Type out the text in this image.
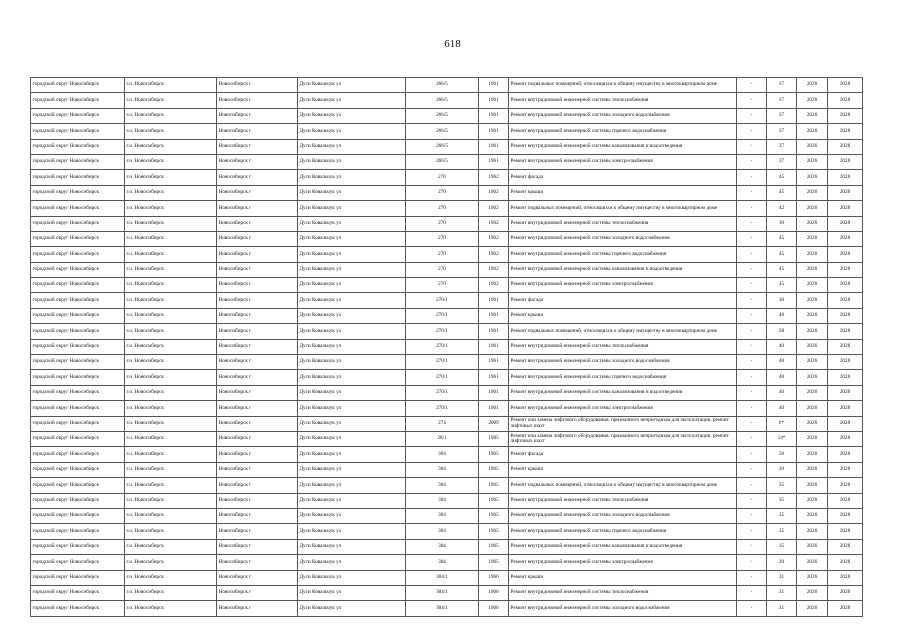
618
городской округ Новосибирск	г.о. Новосибирск	Новосибирск г	Дуси Ковальчук ул	266/5	1961	Ремонт подвальных помещений, относящихся к общему имуществу в многоквартирном доме	-	37	2026	2028
городской округ Новосибирск	г.о. Новосибирск	Новосибирск г	Дуси Ковальчук ул	266/5	1961	Ремонт внутридомовой инженерной системы теплоснабжения	-	37	2026	2028
городской округ Новосибирск	г.о. Новосибирск	Новосибирск г	Дуси Ковальчук ул	266/5	1961	Ремонт внутридомовой инженерной системы холодного водоснабжения	-	37	2026	2028
городской округ Новосибирск	г.о. Новосибирск	Новосибирск г	Дуси Ковальчук ул	266/5	1961	Ремонт внутридомовой инженерной системы горячего водоснабжения	-	37	2026	2028
городской округ Новосибирск	г.о. Новосибирск	Новосибирск г	Дуси Ковальчук ул	266/5	1961	Ремонт внутридомовой инженерной системы канализования и водоотведения	-	37	2026	2028
городской округ Новосибирск	г.о. Новосибирск	Новосибирск г	Дуси Ковальчук ул	266/5	1961	Ремонт внутридомовой инженерной системы электроснабжения	-	37	2026	2028
городской округ Новосибирск	г.о. Новосибирск	Новосибирск г	Дуси Ковальчук ул	270	1962	Ремонт фасада	-	45	2026	2028
городской округ Новосибирск	г.о. Новосибирск	Новосибирск г	Дуси Ковальчук ул	270	1962	Ремонт крыши	-	45	2026	2028
городской округ Новосибирск	г.о. Новосибирск	Новосибирск г	Дуси Ковальчук ул	270	1962	Ремонт подвальных помещений, относящихся к общему имуществу в многоквартирном доме	-	42	2026	2028
городской округ Новосибирск	г.о. Новосибирск	Новосибирск г	Дуси Ковальчук ул	270	1962	Ремонт внутридомовой инженерной системы теплоснабжения	-	30	2026	2028
городской округ Новосибирск	г.о. Новосибирск	Новосибирск г	Дуси Ковальчук ул	270	1962	Ремонт внутридомовой инженерной системы холодного водоснабжения	-	45	2026	2028
городской округ Новосибирск	г.о. Новосибирск	Новосибирск г	Дуси Ковальчук ул	270	1962	Ремонт внутридомовой инженерной системы горячего водоснабжения	-	45	2026	2028
городской округ Новосибирск	г.о. Новосибирск	Новосибирск г	Дуси Ковальчук ул	270	1962	Ремонт внутридомовой инженерной системы канализования и водоотведения	-	45	2026	2028
городской округ Новосибирск	г.о. Новосибирск	Новосибирск г	Дуси Ковальчук ул	270	1962	Ремонт внутридомовой инженерной системы электроснабжения	-	45	2026	2028
городской округ Новосибирск	г.о. Новосибирск	Новосибирск г	Дуси Ковальчук ул	270/1	1961	Ремонт фасада	-	30	2026	2028
городской округ Новосибирск	г.о. Новосибирск	Новосибирск г	Дуси Ковальчук ул	270/1	1961	Ремонт крыши	-	40	2026	2028
городской округ Новосибирск	г.о. Новосибирск	Новосибирск г	Дуси Ковальчук ул	270/1	1961	Ремонт подвальных помещений, относящихся к общему имуществу в многоквартирном доме	-	38	2026	2028
городской округ Новосибирск	г.о. Новосибирск	Новосибирск г	Дуси Ковальчук ул	270/1	1961	Ремонт внутридомовой инженерной системы теплоснабжения	-	40	2026	2028
городской округ Новосибирск	г.о. Новосибирск	Новосибирск г	Дуси Ковальчук ул	270/1	1961	Ремонт внутридомовой инженерной системы холодного водоснабжения	-	40	2026	2028
городской округ Новосибирск	г.о. Новосибирск	Новосибирск г	Дуси Ковальчук ул	270/1	1961	Ремонт внутридомовой инженерной системы горячего водоснабжения	-	40	2026	2028
городской округ Новосибирск	г.о. Новосибирск	Новосибирск г	Дуси Ковальчук ул	270/1	1961	Ремонт внутридомовой инженерной системы канализования и водоотведения	-	40	2026	2028
городской округ Новосибирск	г.о. Новосибирск	Новосибирск г	Дуси Ковальчук ул	270/1	1961	Ремонт внутридомовой инженерной системы электроснабжения	-	40	2026	2028
городской округ Новосибирск	г.о. Новосибирск	Новосибирск г	Дуси Ковальчук ул	274	2009	Ремонт или замена лифтового оборудования, признанного непригодным для эксплуатации, ремонт лифтовых шахт	-	6*	2026	2028
городской округ Новосибирск	г.о. Новосибирск	Новосибирск г	Дуси Ковальчук ул	28/1	1985	Ремонт или замена лифтового оборудования, признанного непригодным для эксплуатации, ремонт лифтовых шахт	-	14*	2026	2028
городской округ Новосибирск	г.о. Новосибирск	Новосибирск г	Дуси Ковальчук ул	304	1965	Ремонт фасада	-	20	2026	2028
городской округ Новосибирск	г.о. Новосибирск	Новосибирск г	Дуси Ковальчук ул	304	1965	Ремонт крыши	-	20	2026	2028
городской округ Новосибирск	г.о. Новосибирск	Новосибирск г	Дуси Ковальчук ул	304	1965	Ремонт подвальных помещений, относящихся к общему имуществу в многоквартирном доме	-	35	2026	2028
городской округ Новосибирск	г.о. Новосибирск	Новосибирск г	Дуси Ковальчук ул	304	1965	Ремонт внутридомовой инженерной системы теплоснабжения	-	35	2026	2028
городской округ Новосибирск	г.о. Новосибирск	Новосибирск г	Дуси Ковальчук ул	304	1965	Ремонт внутридомовой инженерной системы холодного водоснабжения	-	35	2026	2028
городской округ Новосибирск	г.о. Новосибирск	Новосибирск г	Дуси Ковальчук ул	304	1965	Ремонт внутридомовой инженерной системы горячего водоснабжения	-	35	2026	2028
городской округ Новосибирск	г.о. Новосибирск	Новосибирск г	Дуси Ковальчук ул	304	1965	Ремонт внутридомовой инженерной системы канализования и водоотведения	-	35	2026	2028
городской округ Новосибирск	г.о. Новосибирск	Новосибирск г	Дуси Ковальчук ул	304	1965	Ремонт внутридомовой инженерной системы электроснабжения	-	20	2026	2028
городской округ Новосибирск	г.о. Новосибирск	Новосибирск г	Дуси Ковальчук ул	304/1	1966	Ремонт крыши	-	31	2026	2028
городской округ Новосибирск	г.о. Новосибирск	Новосибирск г	Дуси Ковальчук ул	304/1	1966	Ремонт внутридомовой инженерной системы теплоснабжения	-	31	2026	2028
городской округ Новосибирск	г.о. Новосибирск	Новосибирск г	Дуси Ковальчук ул	304/1	1966	Ремонт внутридомовой инженерной системы холодного водоснабжения	-	31	2026	2028
